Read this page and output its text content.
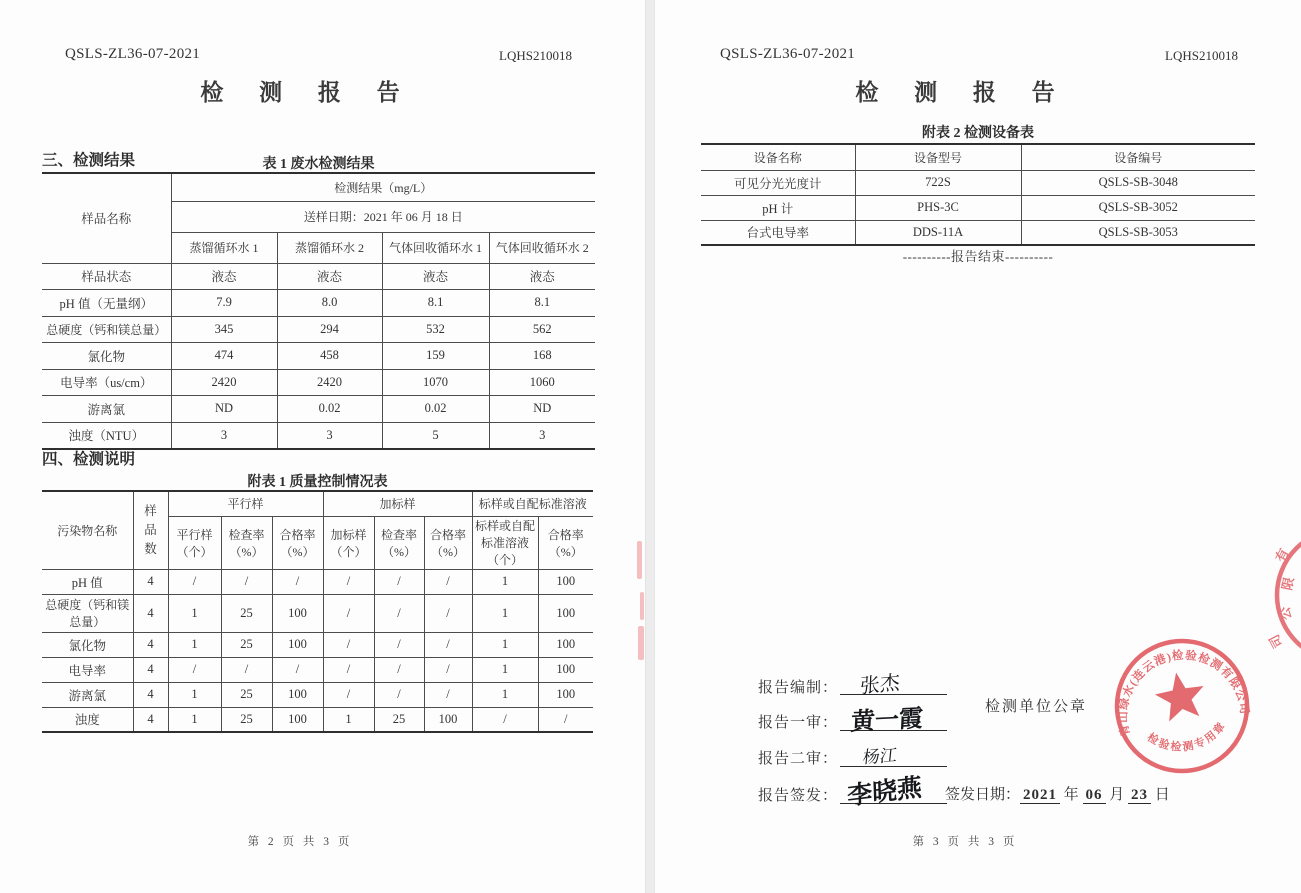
QSLS-ZL36-07-2021	LQHS210018
检 测 报 告
三、检测结果	表 1 废水检测结果
样品名称	检测结果（mg/L）			
	送样日期：2021 年 06 月 18 日			
	蒸馏循环水 1	蒸馏循环水 2	气体回收循环水 1	气体回收循环水 2
样品状态	液态	液态	液态	液态
pH 值（无量纲）	7.9	8.0	8.1	8.1
总硬度（钙和镁总量）	345	294	532	562
氯化物	474	458	159	168
电导率（us/cm）	2420	2420	1070	1060
游离氯	ND	0.02	0.02	ND
浊度（NTU）	3	3	5	3
四、检测说明
附表 1 质量控制情况表
污染物名称	样品数	平行样			加标样			标样或自配标准溶液	
		平行样（个）	检查率（%）	合格率（%）	加标样（个）	检查率（%）	合格率（%）	标样或自配标准溶液（个）	合格率（%）
pH 值	4	/	/	/	/	/	/	1	100
总硬度（钙和镁总量）	4	1	25	100	/	/	/	1	100
氯化物	4	1	25	100	/	/	/	1	100
电导率	4	/	/	/	/	/	/	1	100
游离氯	4	1	25	100	/	/	/	1	100
浊度	4	1	25	100	1	25	100	/	/
第 2 页 共 3 页
QSLS-ZL36-07-2021	LQHS210018
检 测 报 告
附表 2 检测设备表
设备名称	设备型号	设备编号
可见分光光度计	722S	QSLS-SB-3048
pH 计	PHS-3C	QSLS-SB-3052
台式电导率	DDS-11A	QSLS-SB-3053
----------报告结束----------
报告编制： 张杰
报告一审： 黄一霞
报告二审： 杨江
报告签发： 李晓燕
检测单位公章
签发日期： 2021 年 06 月 23 日
青山绿水(连云港)检验检测有限公司
检验检测专用章
有
限
公
司
第 3 页 共 3 页
